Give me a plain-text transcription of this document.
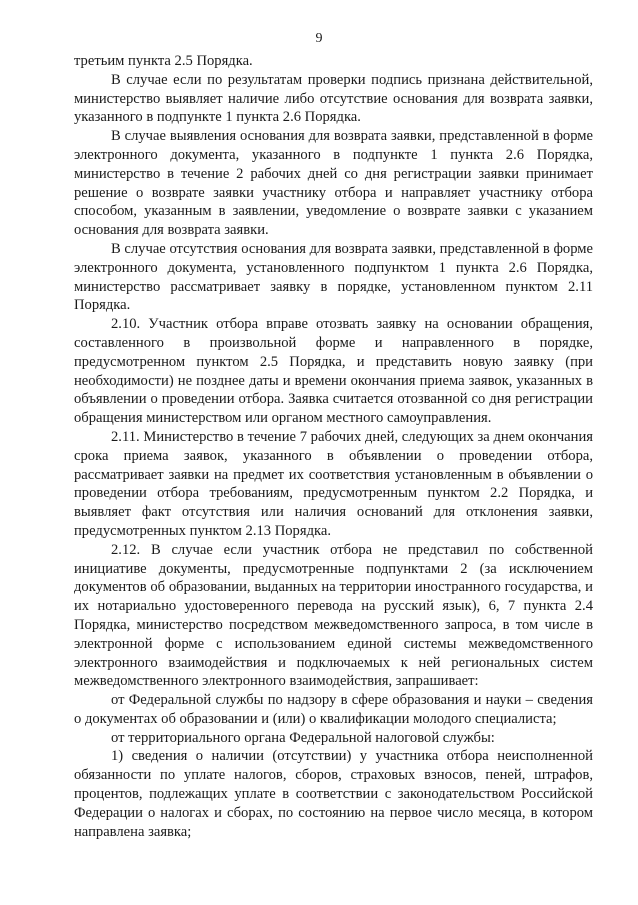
9

третьим пункта 2.5 Порядка.

В случае если по результатам проверки подпись признана действительной, министерство выявляет наличие либо отсутствие основания для возврата заявки, указанного в подпункте 1 пункта 2.6 Порядка.

В случае выявления основания для возврата заявки, представленной в форме электронного документа, указанного в подпункте 1 пункта 2.6 Порядка, министерство в течение 2 рабочих дней со дня регистрации заявки принимает решение о возврате заявки участнику отбора и направляет участнику отбора способом, указанным в заявлении, уведомление о возврате заявки с указанием основания для возврата заявки.

В случае отсутствия основания для возврата заявки, представленной в форме электронного документа, установленного подпунктом 1 пункта 2.6 Порядка, министерство рассматривает заявку в порядке, установленном пунктом 2.11 Порядка.

2.10. Участник отбора вправе отозвать заявку на основании обращения, составленного в произвольной форме и направленного в порядке, предусмотренном пунктом 2.5 Порядка, и представить новую заявку (при необходимости) не позднее даты и времени окончания приема заявок, указанных в объявлении о проведении отбора. Заявка считается отозванной со дня регистрации обращения министерством или органом местного самоуправления.

2.11. Министерство в течение 7 рабочих дней, следующих за днем окончания срока приема заявок, указанного в объявлении о проведении отбора, рассматривает заявки на предмет их соответствия установленным в объявлении о проведении отбора требованиям, предусмотренным пунктом 2.2 Порядка, и выявляет факт отсутствия или наличия оснований для отклонения заявки, предусмотренных пунктом 2.13 Порядка.

2.12. В случае если участник отбора не представил по собственной инициативе документы, предусмотренные подпунктами 2 (за исключением документов об образовании, выданных на территории иностранного государства, и их нотариально удостоверенного перевода на русский язык), 6, 7 пункта 2.4 Порядка, министерство посредством межведомственного запроса, в том числе в электронной форме с использованием единой системы межведомственного электронного взаимодействия и подключаемых к ней региональных систем межведомственного электронного взаимодействия, запрашивает:

от Федеральной службы по надзору в сфере образования и науки – сведения о документах об образовании и (или) о квалификации молодого специалиста;

от территориального органа Федеральной налоговой службы:

1) сведения о наличии (отсутствии) у участника отбора неисполненной обязанности по уплате налогов, сборов, страховых взносов, пеней, штрафов, процентов, подлежащих уплате в соответствии с законодательством Российской Федерации о налогах и сборах, по состоянию на первое число месяца, в котором направлена заявка;
